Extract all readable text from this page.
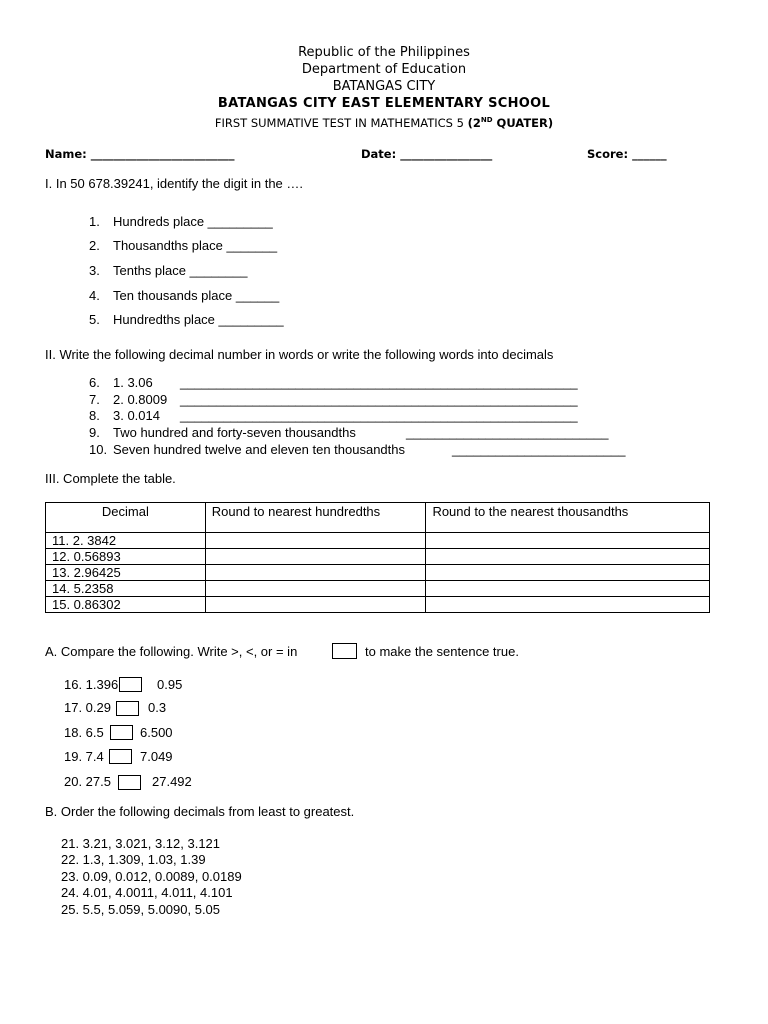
Republic of the Philippines
Department of Education
BATANGAS CITY
BATANGAS CITY EAST ELEMENTARY SCHOOL
FIRST SUMMATIVE TEST IN MATHEMATICS 5 (2ND QUATER)
Name: _________________________	Date: ________________	Score: ______
I. In 50 678.39241, identify the digit in the ….
1. Hundreds place _________
2. Thousandths place _______
3. Tenths place ________
4. Ten thousands place ______
5. Hundredths place _________
II. Write the following decimal number in words or write the following words into decimals
6. 1. 3.06 _______________________________________________________
7. 2. 0.8009 _______________________________________________________
8. 3. 0.014 _______________________________________________________
9. Two hundred and forty-seven thousandths	____________________________
10. Seven hundred twelve and eleven ten thousandths	________________________
III. Complete the table.
Decimal	Round to nearest hundredths	Round to the nearest thousandths
11. 2. 3842		
12. 0.56893		
13. 2.96425		
14. 5.2358		
15. 0.86302		
A. Compare the following. Write >, <, or = in	to make the sentence true.
16. 1.396	0.95
17. 0.29	0.3
18. 6.5	6.500
19. 7.4	7.049
20. 27.5	27.492
B. Order the following decimals from least to greatest.
21. 3.21, 3.021, 3.12, 3.121
22. 1.3, 1.309, 1.03, 1.39
23. 0.09, 0.012, 0.0089, 0.0189
24. 4.01, 4.0011, 4.011, 4.101
25. 5.5, 5.059, 5.0090, 5.05
